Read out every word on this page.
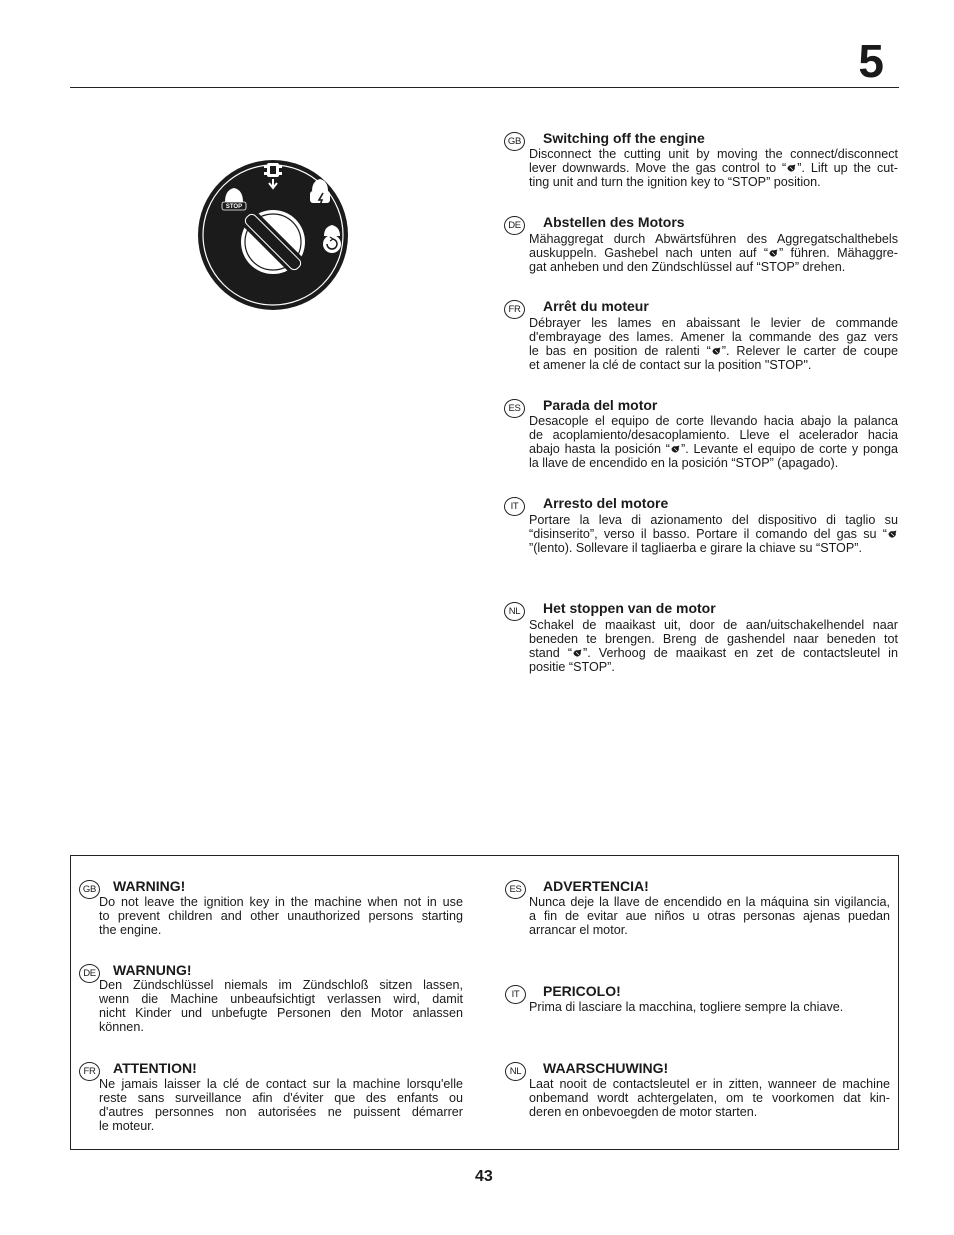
5
STOP
GB Switching off the engine
Disconnect the cutting unit by moving the connect/disconnect
lever downwards. Move the gas control to “ ”. Lift up the cut-
ting unit and turn the ignition key to “STOP” position.
DE	Abstellen des Motors
Mähaggregat durch Abwärtsführen des Aggregatschalthebels
auskuppeln. Gashebel nach unten auf “ ” führen. Mähaggre-
gat anheben und den Zündschlüssel auf “STOP” drehen.
FR	Arrêt du moteur
Débrayer les lames en abaissant le levier de commande
d'embrayage des lames. Amener la commande des gaz vers
le bas en position de ralenti “ ”. Relever le carter de coupe
et amener la clé de contact sur la position "STOP".
ES	Parada del motor
Desacople el equipo de corte llevando hacia abajo la palanca
de acoplamiento/desacoplamiento. Lleve el acelerador hacia
abajo hasta la posición “ ”. Levante el equipo de corte y ponga
la llave de encendido en la posición “STOP” (apagado).
IT	Arresto del motore
Portare la leva di azionamento del dispositivo di taglio su
“disinserito”, verso il basso. Portare il comando del gas su “
”(lento). Sollevare il tagliaerba e girare la chiave su “STOP”.
NL	Het stoppen van de motor
Schakel de maaikast uit, door de aan/uitschakelhendel naar
beneden te brengen. Breng de gashendel naar beneden tot
stand “ ”. Verhoog de maaikast en zet de contactsleutel in
positie “STOP”.
GB WARNING!
Do not leave the ignition key in the machine when not in use
to prevent children and other unauthorized persons starting
the engine.
DE	WARNUNG!
Den Zündschlüssel niemals im Zündschloß sitzen lassen,
wenn die Machine unbeaufsichtigt verlassen wird, damit
nicht Kinder und unbefugte Personen den Motor anlassen
können.
FR	ATTENTION!
Ne jamais laisser la clé de contact sur la machine lorsqu'elle
reste sans surveillance afin d'éviter que des enfants ou
d'autres personnes non autorisées ne puissent démarrer
le moteur.
ES	ADVERTENCIA!
Nunca deje la llave de encendido en la máquina sin vigilancia,
a fin de evitar aue niños u otras personas ajenas puedan
arrancar el motor.
IT	PERICOLO!
Prima di lasciare la macchina, togliere sempre la chiave.
NL	WAARSCHUWING!
Laat nooit de contactsleutel er in zitten, wanneer de machine
onbemand wordt achtergelaten, om te voorkomen dat kin-
deren en onbevoegden de motor starten.
43
